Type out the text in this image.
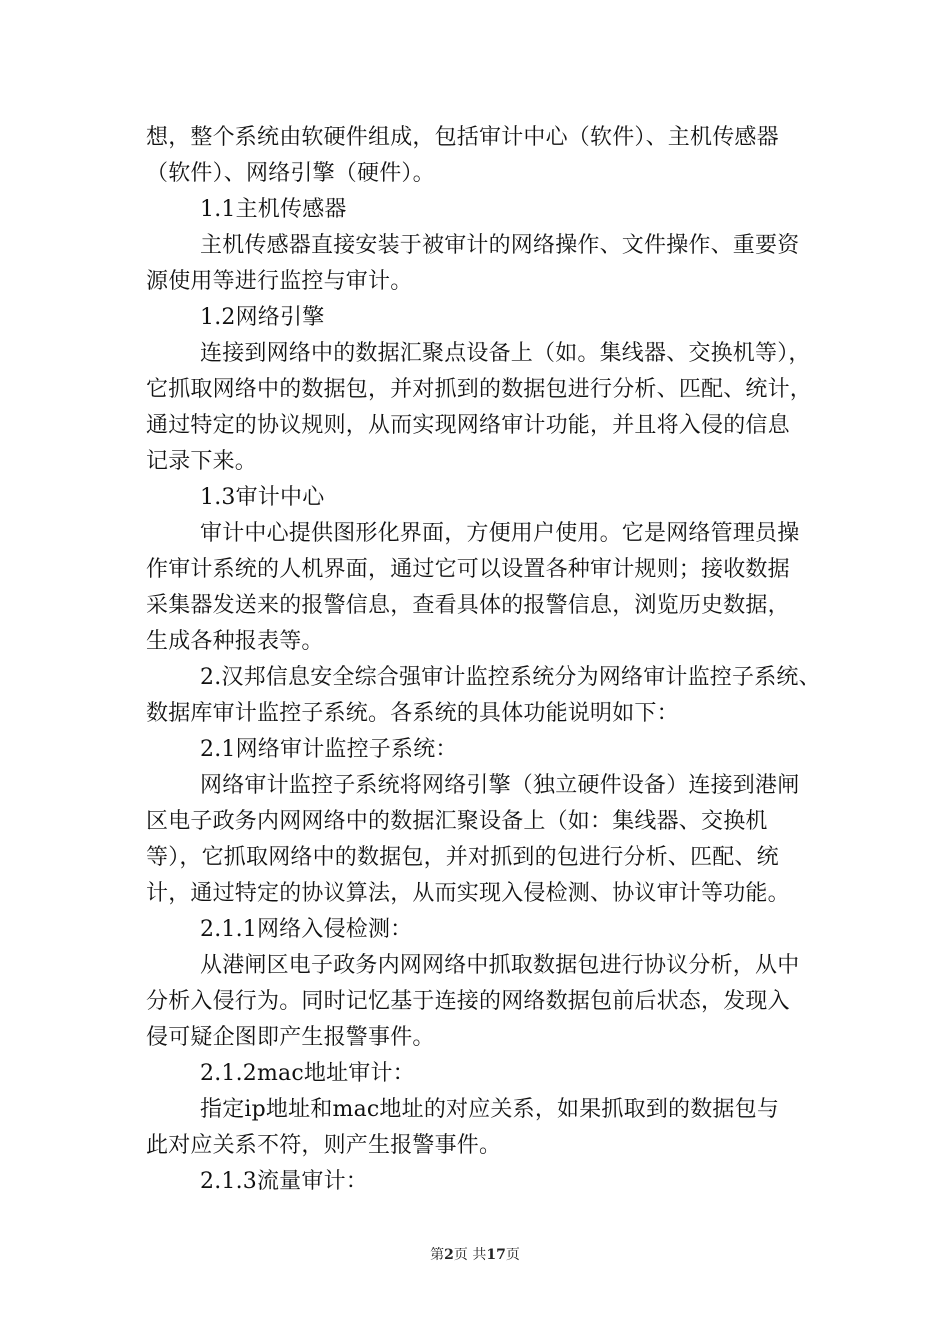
想，整个系统由软硬件组成，包括审计中心（软件）、主机传感器
（软件）、网络引擎（硬件）。
1.1主机传感器
主机传感器直接安装于被审计的网络操作、文件操作、重要资
源使用等进行监控与审计。
1.2网络引擎
连接到网络中的数据汇聚点设备上（如。集线器、交换机等），
它抓取网络中的数据包，并对抓到的数据包进行分析、匹配、统计，
通过特定的协议规则，从而实现网络审计功能，并且将入侵的信息
记录下来。
1.3审计中心
审计中心提供图形化界面，方便用户使用。它是网络管理员操
作审计系统的人机界面，通过它可以设置各种审计规则；接收数据
采集器发送来的报警信息，查看具体的报警信息，浏览历史数据，
生成各种报表等。
2.汉邦信息安全综合强审计监控系统分为网络审计监控子系统、
数据库审计监控子系统。各系统的具体功能说明如下：
2.1网络审计监控子系统：
网络审计监控子系统将网络引擎（独立硬件设备）连接到港闸
区电子政务内网网络中的数据汇聚设备上（如：集线器、交换机
等），它抓取网络中的数据包，并对抓到的包进行分析、匹配、统
计，通过特定的协议算法，从而实现入侵检测、协议审计等功能。
2.1.1网络入侵检测：
从港闸区电子政务内网网络中抓取数据包进行协议分析，从中
分析入侵行为。同时记忆基于连接的网络数据包前后状态，发现入
侵可疑企图即产生报警事件。
2.1.2mac地址审计：
指定ip地址和mac地址的对应关系，如果抓取到的数据包与
此对应关系不符，则产生报警事件。
2.1.3流量审计：
第2页 共17页
